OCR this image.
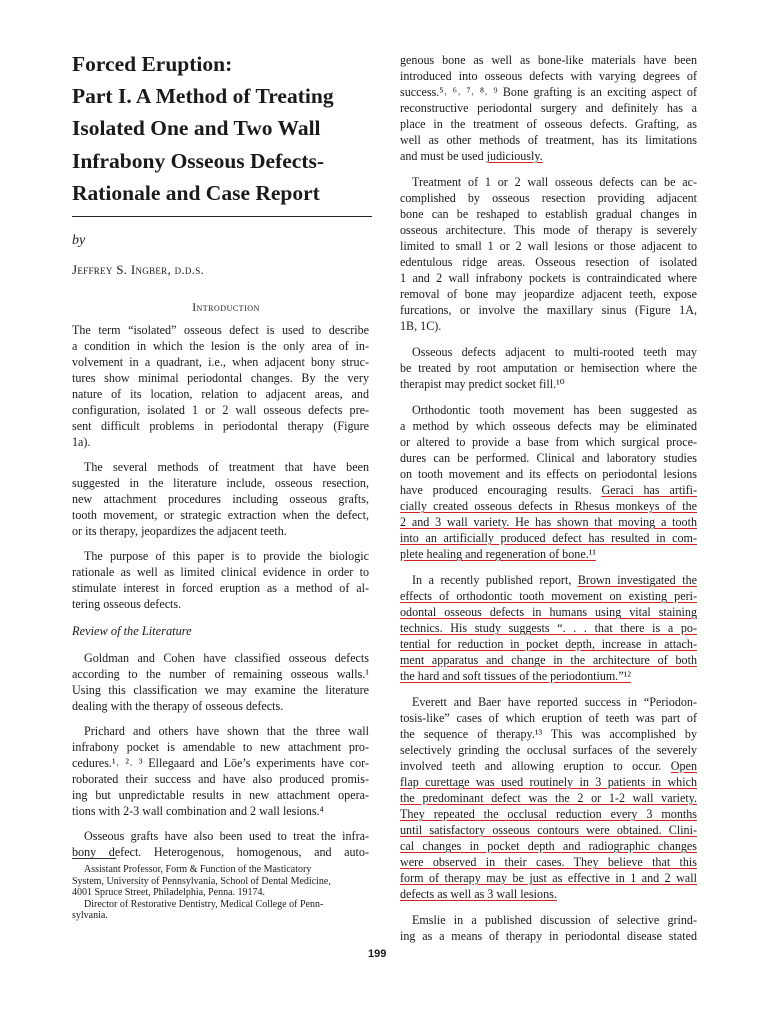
Forced Eruption:
Part I. A Method of Treating
Isolated One and Two Wall
Infrabony Osseous Defects-
Rationale and Case Report
by
Jeffrey S. Ingber, d.d.s.
Introduction

The term “isolated” osseous defect is used to describe
a condition in which the lesion is the only area of in-
volvement in a quadrant, i.e., when adjacent bony struc-
tures show minimal periodontal changes. By the very
nature of its location, relation to adjacent areas, and
configuration, isolated 1 or 2 wall osseous defects pre-
sent difficult problems in periodontal therapy (Figure
1a).

The several methods of treatment that have been
suggested in the literature include, osseous resection,
new attachment procedures including osseous grafts,
tooth movement, or strategic extraction when the defect,
or its therapy, jeopardizes the adjacent teeth.

The purpose of this paper is to provide the biologic
rationale as well as limited clinical evidence in order to
stimulate interest in forced eruption as a method of al-
tering osseous defects.

Review of the Literature

Goldman and Cohen have classified osseous defects
according to the number of remaining osseous walls.¹
Using this classification we may examine the literature
dealing with the therapy of osseous defects.

Prichard and others have shown that the three wall
infrabony pocket is amendable to new attachment pro-
cedures.¹˒ ²˒ ³ Ellegaard and Löe’s experiments have cor-
roborated their success and have also produced promis-
ing but unpredictable results in new attachment opera-
tions with 2-3 wall combination and 2 wall lesions.⁴

Osseous grafts have also been used to treat the infra-
bony defect. Heterogenous, homogenous, and auto-

Assistant Professor, Form & Function of the Masticatory
System, University of Pennsylvania, School of Dental Medicine,
4001 Spruce Street, Philadelphia, Penna. 19174.
Director of Restorative Dentistry, Medical College of Penn-
sylvania.

genous bone as well as bone-like materials have been
introduced into osseous defects with varying degrees of
success.⁵˒ ⁶˒ ⁷˒ ⁸˒ ⁹ Bone grafting is an exciting aspect of
reconstructive periodontal surgery and definitely has a
place in the treatment of osseous defects. Grafting, as
well as other methods of treatment, has its limitations
and must be used judiciously.

Treatment of 1 or 2 wall osseous defects can be ac-
complished by osseous resection providing adjacent
bone can be reshaped to establish gradual changes in
osseous architecture. This mode of therapy is severely
limited to small 1 or 2 wall lesions or those adjacent to
edentulous ridge areas. Osseous resection of isolated
1 and 2 wall infrabony pockets is contraindicated where
removal of bone may jeopardize adjacent teeth, expose
furcations, or involve the maxillary sinus (Figure 1A,
1B, 1C).

Osseous defects adjacent to multi-rooted teeth may
be treated by root amputation or hemisection where the
therapist may predict socket fill.¹⁰

Orthodontic tooth movement has been suggested as
a method by which osseous defects may be eliminated
or altered to provide a base from which surgical proce-
dures can be performed. Clinical and laboratory studies
on tooth movement and its effects on periodontal lesions
have produced encouraging results. Geraci has artifi-
cially created osseous defects in Rhesus monkeys of the
2 and 3 wall variety. He has shown that moving a tooth
into an artificially produced defect has resulted in com-
plete healing and regeneration of bone.¹¹

In a recently published report, Brown investigated the
effects of orthodontic tooth movement on existing peri-
odontal osseous defects in humans using vital staining
technics. His study suggests “. . . that there is a po-
tential for reduction in pocket depth, increase in attach-
ment apparatus and change in the architecture of both
the hard and soft tissues of the periodontium.”¹²

Everett and Baer have reported success in “Periodon-
tosis-like” cases of which eruption of teeth was part of
the sequence of therapy.¹³ This was accomplished by
selectively grinding the occlusal surfaces of the severely
involved teeth and allowing eruption to occur. Open
flap curettage was used routinely in 3 patients in which
the predominant defect was the 2 or 1-2 wall variety.
They repeated the occlusal reduction every 3 months
until satisfactory osseous contours were obtained. Clini-
cal changes in pocket depth and radiographic changes
were observed in their cases. They believe that this
form of therapy may be just as effective in 1 and 2 wall
defects as well as 3 wall lesions.

Emslie in a published discussion of selective grind-
ing as a means of therapy in periodontal disease stated

199
